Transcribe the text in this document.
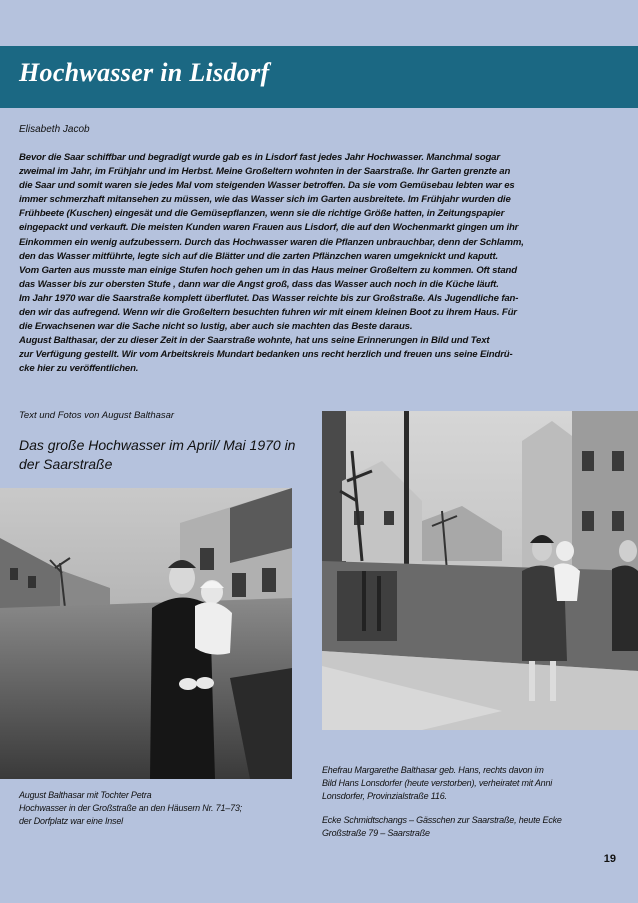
Hochwasser in Lisdorf
Elisabeth Jacob
Bevor die Saar schiffbar und begradigt wurde gab es in Lisdorf fast jedes Jahr Hochwasser. Manchmal sogar
zweimal im Jahr, im Frühjahr und im Herbst. Meine Großeltern wohnten in der Saarstraße. Ihr Garten grenzte an
die Saar und somit waren sie jedes Mal vom steigenden Wasser betroffen. Da sie vom Gemüsebau lebten war es
immer schmerzhaft mitansehen zu müssen, wie das Wasser sich im Garten ausbreitete. Im Frühjahr wurden die
Frühbeete (Kuschen) eingesät und die Gemüsepflanzen, wenn sie die richtige Größe hatten, in Zeitungspapier
eingepackt und verkauft. Die meisten Kunden waren Frauen aus Lisdorf, die auf den Wochenmarkt gingen um ihr
Einkommen ein wenig aufzubessern. Durch das Hochwasser waren die Pflanzen unbrauchbar, denn der Schlamm,
den das Wasser mitführte, legte sich auf die Blätter und die zarten Pflänzchen waren umgeknickt und kaputt.
Vom Garten aus musste man einige Stufen hoch gehen um in das Haus meiner Großeltern zu kommen. Oft stand
das Wasser bis zur obersten Stufe , dann war die Angst groß, dass das Wasser auch noch in die Küche läuft.
Im Jahr 1970 war die Saarstraße komplett überflutet. Das Wasser reichte bis zur Großstraße. Als Jugendliche fan-
den wir das aufregend. Wenn wir die Großeltern besuchten fuhren wir mit einem kleinen Boot zu ihrem Haus. Für
die Erwachsenen war die Sache nicht so lustig, aber auch sie machten das Beste daraus.
August Balthasar, der zu dieser Zeit in der Saarstraße wohnte, hat uns seine Erinnerungen in Bild und Text
zur Verfügung gestellt. Wir vom Arbeitskreis Mundart bedanken uns recht herzlich und freuen uns seine Eindrü-
cke hier zu veröffentlichen.
Text und Fotos von August Balthasar
Das große Hochwasser im April/ Mai 1970 in
der Saarstraße
August Balthasar mit Tochter Petra
Hochwasser in der Großstraße an den Häusern Nr. 71–73;
der Dorfplatz war eine Insel
Ehefrau Margarethe Balthasar geb. Hans, rechts davon im
Bild Hans Lonsdorfer (heute verstorben), verheiratet mit Anni
Lonsdorfer, Provinzialstraße 116.
Ecke Schmidtschangs – Gässchen zur Saarstraße, heute Ecke
Großstraße 79 – Saarstraße
19
